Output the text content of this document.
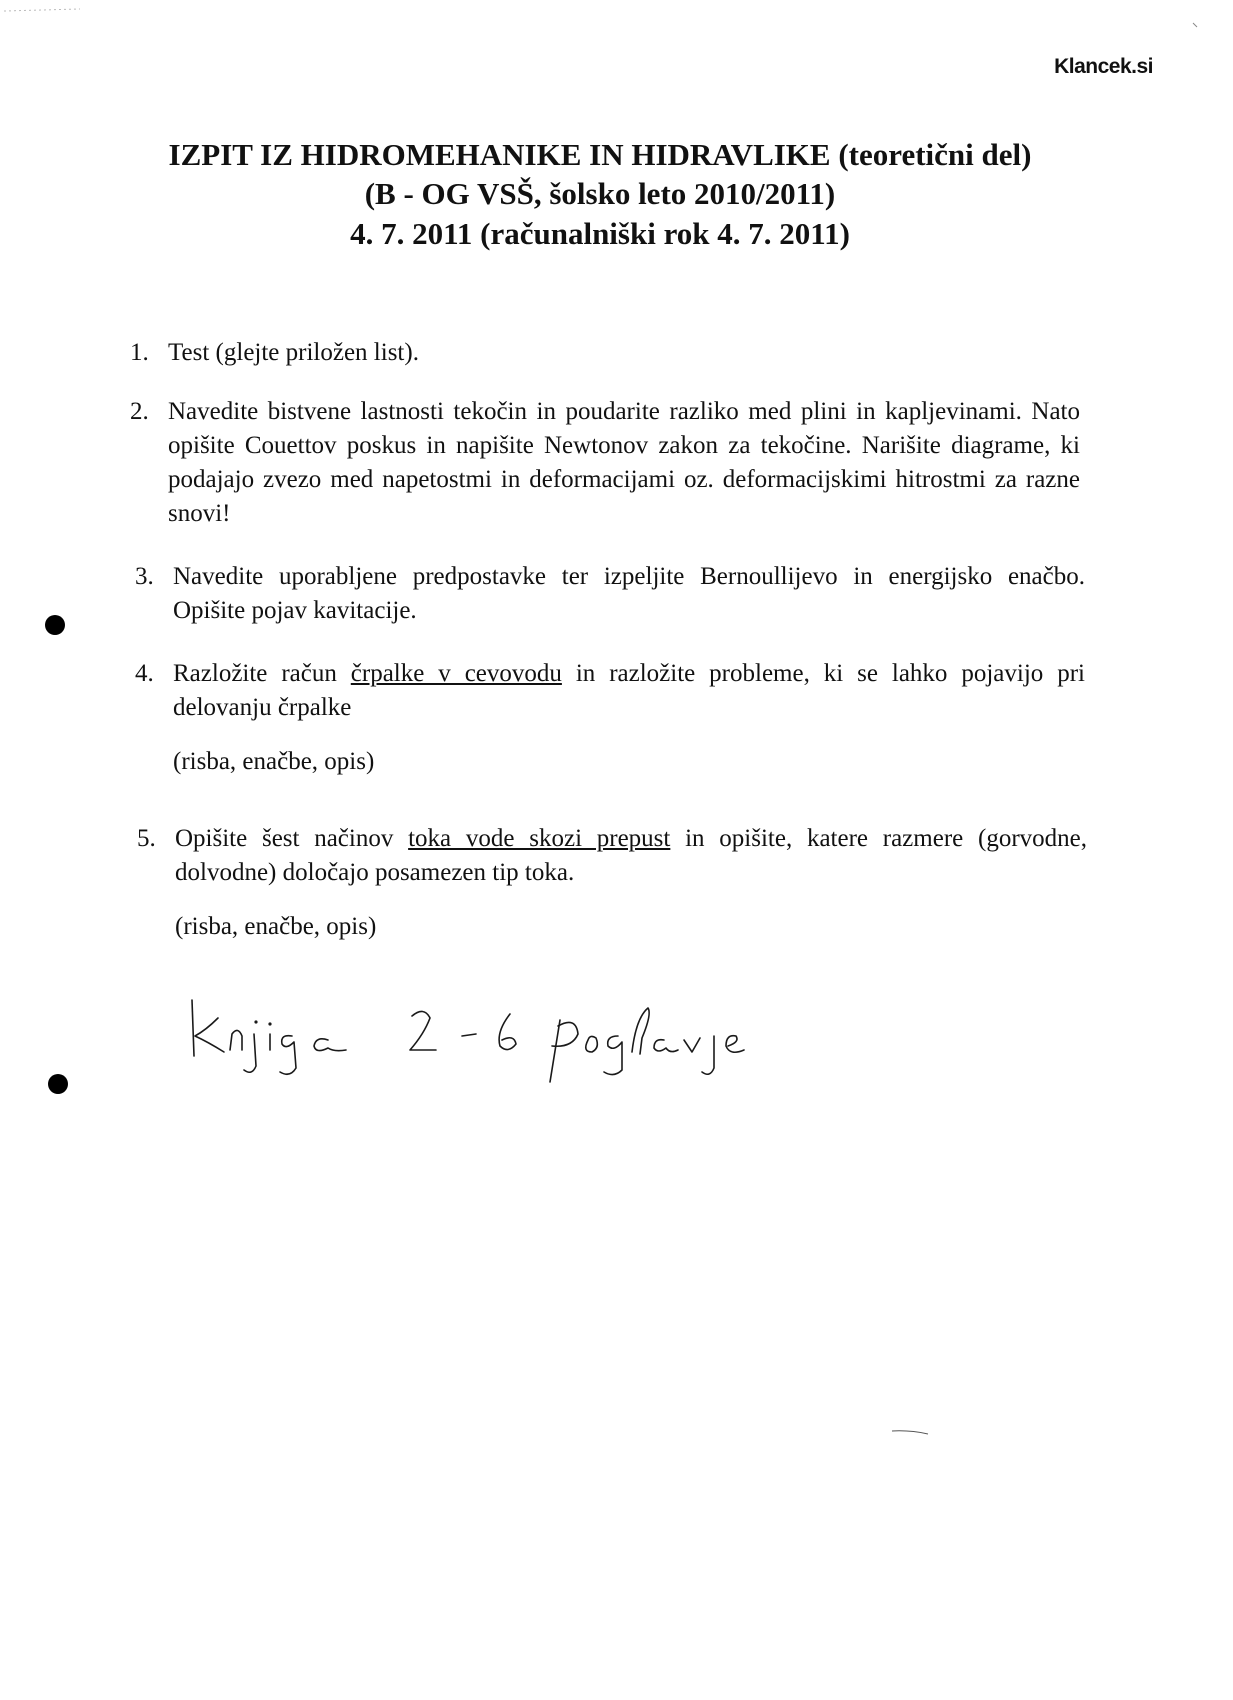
Klancek.si
IZPIT IZ HIDROMEHANIKE IN HIDRAVLIKE (teoretični del)
(B - OG VSŠ, šolsko leto 2010/2011)
4. 7. 2011 (računalniški rok 4. 7. 2011)
1. Test (glejte priložen list).
2. Navedite bistvene lastnosti tekočin in poudarite razliko med plini in kapljevinami. Nato opišite Couettov poskus in napišite Newtonov zakon za tekočine. Narišite diagrame, ki podajajo zvezo med napetostmi in deformacijami oz. deformacijskimi hitrostmi za razne snovi!
3. Navedite uporabljene predpostavke ter izpeljite Bernoullijevo in energijsko enačbo. Opišite pojav kavitacije.
4. Razložite račun črpalke v cevovodu in razložite probleme, ki se lahko pojavijo pri delovanju črpalke
(risba, enačbe, opis)
5. Opišite šest načinov toka vode skozi prepust in opišite, katere razmere (gorvodne, dolvodne) določajo posamezen tip toka.
(risba, enačbe, opis)
